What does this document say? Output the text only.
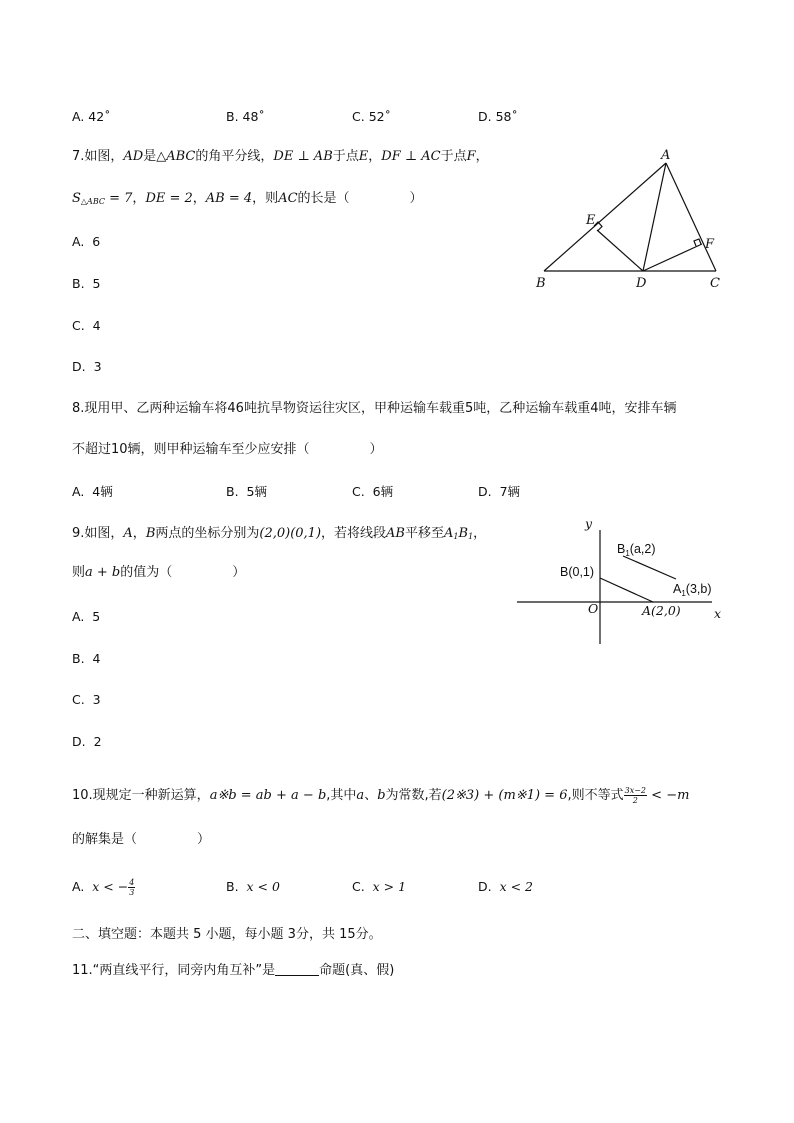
A. 42˚	B. 48˚	C. 52˚	D. 58˚
7.如图，AD是△ABC的角平分线，DE ⊥ AB于点E，DF ⊥ AC于点F，
$S_{\triangle ABC} = 7$，DE = 2，AB = 4，则AC的长是（	）
A. 6
B. 5
C. 4
D. 3
A
B	C
D
E
F
8.现用甲、乙两种运输车将46吨抗旱物资运往灾区，甲种运输车载重5吨，乙种运输车载重4吨，安排车辆
不超过10辆，则甲种运输车至少应安排（	）
A. 4辆	B. 5辆	C. 6辆	D. 7辆
9.如图，A，B两点的坐标分别为(2,0)(0,1)，若将线段AB平移至$A_1B_1$，
则a + b的值为（	）
A. 5
B. 4
C. 3
D. 2
B(0,1)
$B_1(a,2)$
$A_1(3,b)$
y
x
O	A(2,0)
10.现规定一种新运算，a※b = ab + a − b,其中a、b为常数,若(2※3) + (m※1) = 6,则不等式 $\frac{3x-2}{2} < -m$
的解集是（	）
A. x < − $\frac{4}{3}$	B. x < 0	C. x > 1	D. x < 2
二、填空题：本题共 5 小题，每小题 3分，共 15分。
11.“两直线平行，同旁内角互补”是	命题(真、假)
